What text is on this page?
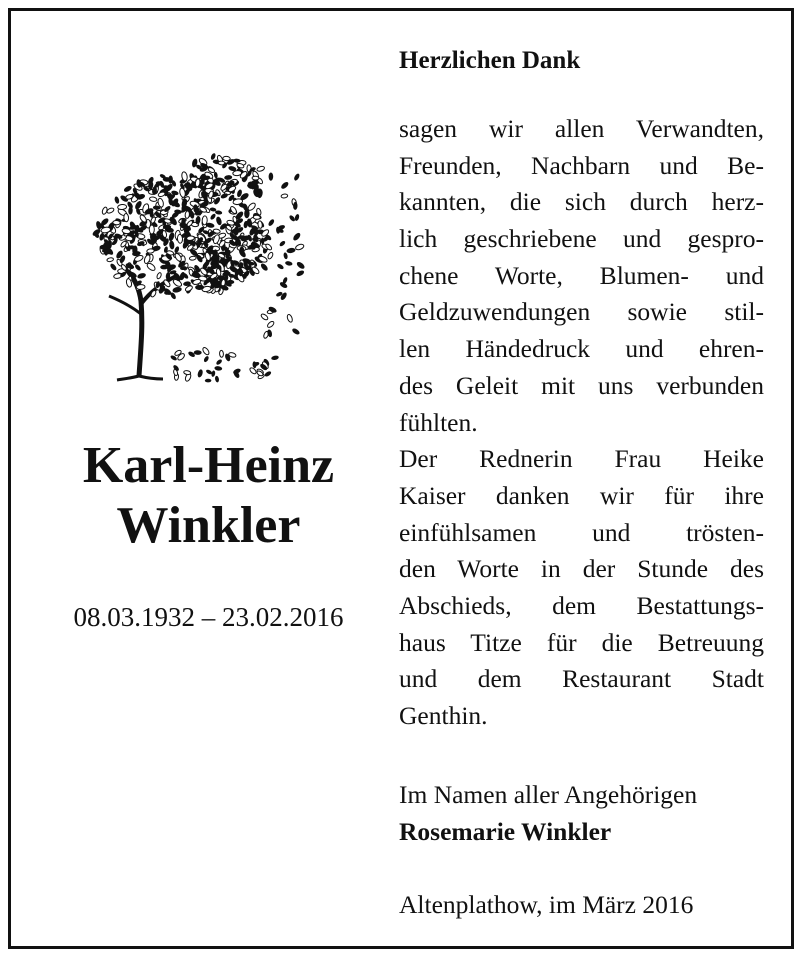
Karl-Heinz
Winkler
08.03.1932 – 23.02.2016
Herzlichen Dank
sagen wir allen Verwandten,
Freunden, Nachbarn und Be-
kannten, die sich durch herz-
lich geschriebene und gespro-
chene Worte, Blumen- und
Geldzuwendungen sowie stil-
len Händedruck und ehren-
des Geleit mit uns verbunden
fühlten.
Der Rednerin Frau Heike
Kaiser danken wir für ihre
einfühlsamen und trösten-
den Worte in der Stunde des
Abschieds, dem Bestattungs-
haus Titze für die Betreuung
und dem Restaurant Stadt
Genthin.
Im Namen aller Angehörigen
Rosemarie Winkler
Altenplathow, im März 2016
